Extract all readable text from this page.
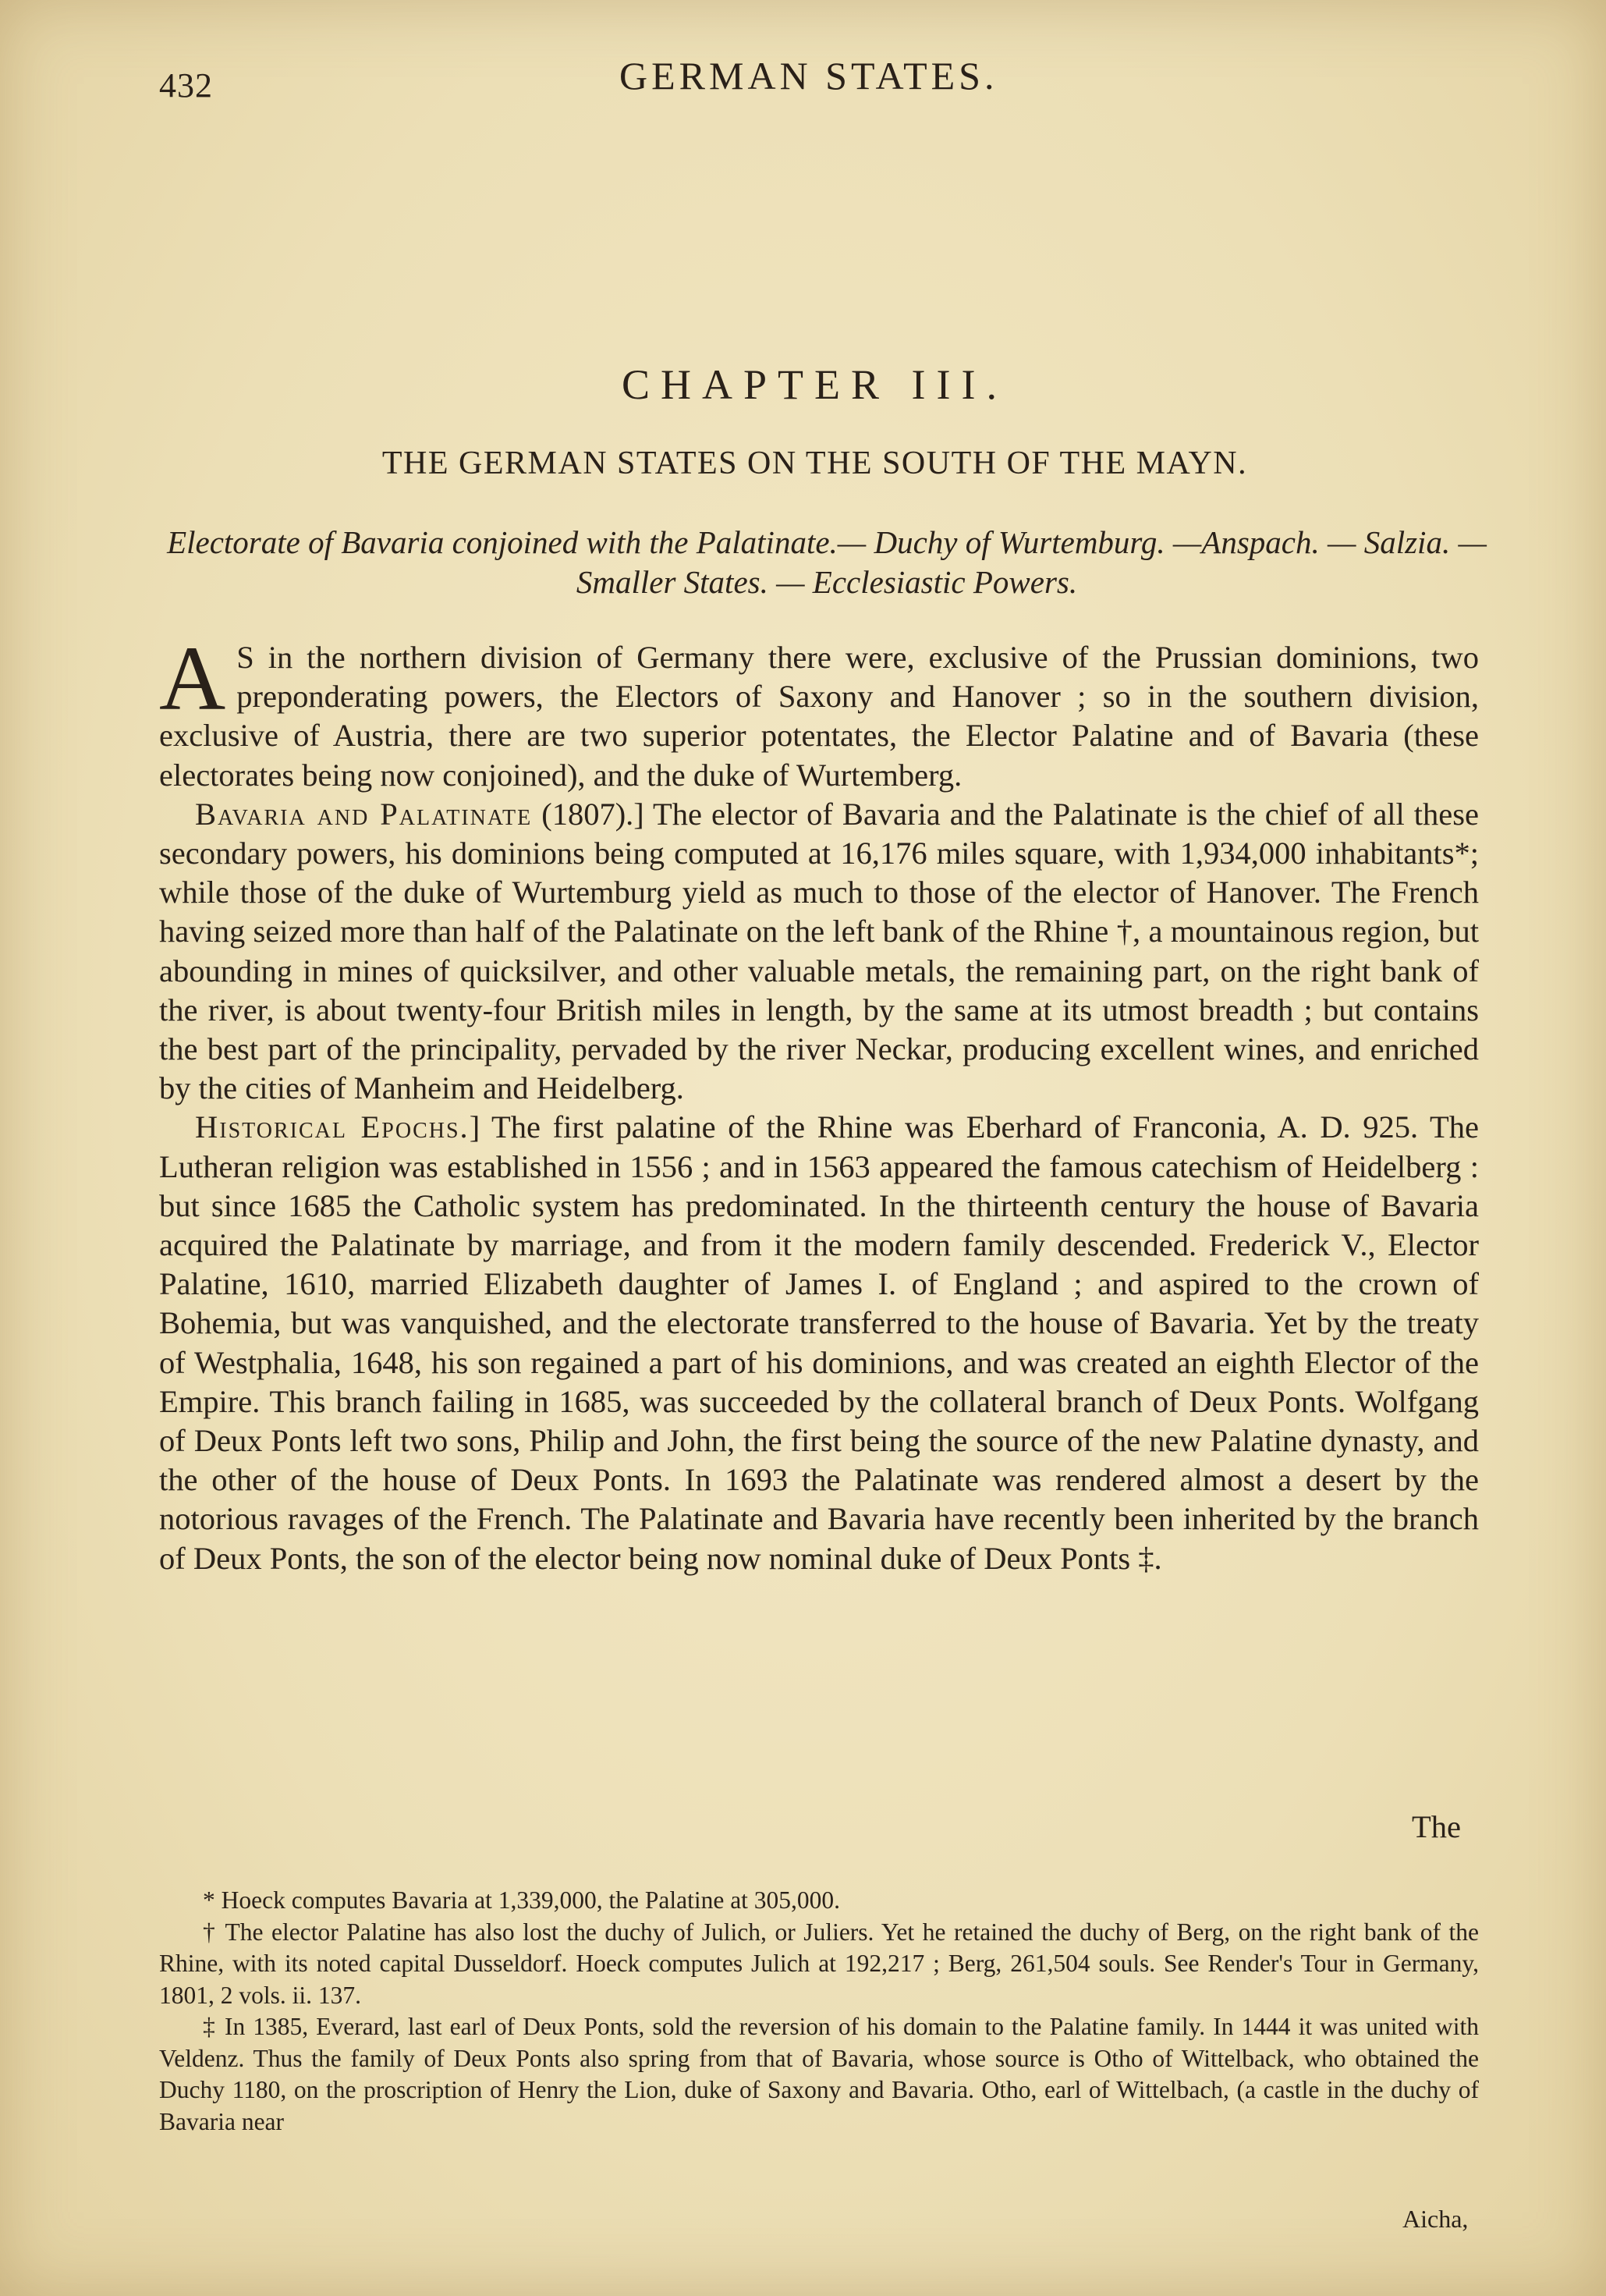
432	GERMAN STATES.
CHAPTER III.
THE GERMAN STATES ON THE SOUTH OF THE MAYN.
Electorate of Bavaria conjoined with the Palatinate.— Duchy of Wurtemburg. —Anspach. — Salzia. — Smaller States. — Ecclesiastic Powers.

A S in the northern division of Germany there were, exclusive of the Prussian dominions, two preponderating powers, the Electors of Saxony and Hanover ; so in the southern division, exclusive of Austria, there are two superior potentates, the Elector Palatine and of Bavaria (these electorates being now conjoined), and the duke of Wurtemberg.

Bavaria and Palatinate (1807).] The elector of Bavaria and the Palatinate is the chief of all these secondary powers, his dominions being computed at 16,176 miles square, with 1,934,000 inhabitants*; while those of the duke of Wurtemburg yield as much to those of the elector of Hanover. The French having seized more than half of the Palatinate on the left bank of the Rhine †, a mountainous region, but abounding in mines of quicksilver, and other valuable metals, the remaining part, on the right bank of the river, is about twenty-four British miles in length, by the same at its utmost breadth ; but contains the best part of the principality, pervaded by the river Neckar, producing excellent wines, and enriched by the cities of Manheim and Heidelberg.

Historical Epochs.] The first palatine of the Rhine was Eberhard of Franconia, A. D. 925. The Lutheran religion was established in 1556 ; and in 1563 appeared the famous catechism of Heidelberg : but since 1685 the Catholic system has predominated. In the thirteenth century the house of Bavaria acquired the Palatinate by marriage, and from it the modern family descended. Frederick V., Elector Palatine, 1610, married Elizabeth daughter of James I. of England ; and aspired to the crown of Bohemia, but was vanquished, and the electorate transferred to the house of Bavaria. Yet by the treaty of Westphalia, 1648, his son regained a part of his dominions, and was created an eighth Elector of the Empire. This branch failing in 1685, was succeeded by the collateral branch of Deux Ponts. Wolfgang of Deux Ponts left two sons, Philip and John, the first being the source of the new Palatine dynasty, and the other of the house of Deux Ponts. In 1693 the Palatinate was rendered almost a desert by the notorious ravages of the French. The Palatinate and Bavaria have recently been inherited by the branch of Deux Ponts, the son of the elector being now nominal duke of Deux Ponts ‡.

The

* Hoeck computes Bavaria at 1,339,000, the Palatine at 305,000.

† The elector Palatine has also lost the duchy of Julich, or Juliers. Yet he retained the duchy of Berg, on the right bank of the Rhine, with its noted capital Dusseldorf. Hoeck computes Julich at 192,217 ; Berg, 261,504 souls. See Render's Tour in Germany, 1801, 2 vols. ii. 137.

‡ In 1385, Everard, last earl of Deux Ponts, sold the reversion of his domain to the Palatine family. In 1444 it was united with Veldenz. Thus the family of Deux Ponts also spring from that of Bavaria, whose source is Otho of Wittelback, who obtained the Duchy 1180, on the proscription of Henry the Lion, duke of Saxony and Bavaria. Otho, earl of Wittelbach, (a castle in the duchy of Bavaria near

Aicha,
